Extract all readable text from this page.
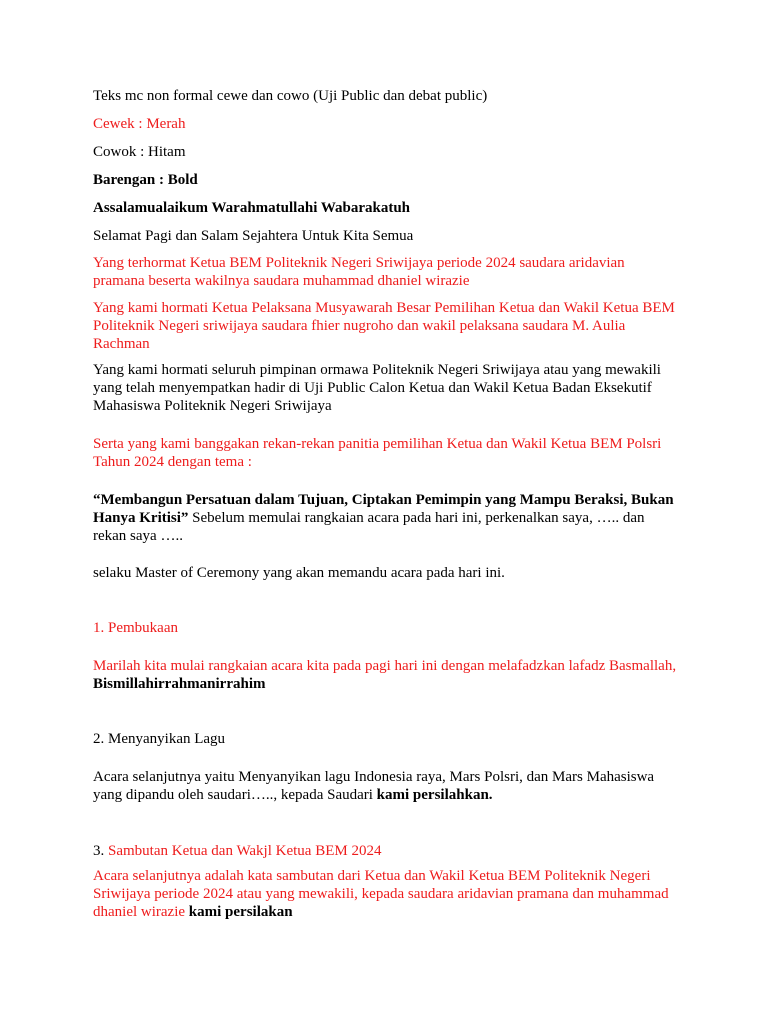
Teks mc non formal cewe dan cowo (Uji Public dan debat public)

Cewek : Merah

Cowok : Hitam

Barengan : Bold

Assalamualaikum Warahmatullahi Wabarakatuh

Selamat Pagi dan Salam Sejahtera Untuk Kita Semua

Yang terhormat Ketua BEM Politeknik Negeri Sriwijaya periode 2024 saudara aridavian pramana beserta wakilnya saudara muhammad dhaniel wirazie

Yang kami hormati Ketua Pelaksana Musyawarah Besar Pemilihan Ketua dan Wakil Ketua BEM Politeknik Negeri sriwijaya saudara fhier nugroho dan wakil pelaksana saudara M. Aulia Rachman

Yang kami hormati seluruh pimpinan ormawa Politeknik Negeri Sriwijaya atau yang mewakili yang telah menyempatkan hadir di Uji Public Calon Ketua dan Wakil Ketua Badan Eksekutif Mahasiswa Politeknik Negeri Sriwijaya

Serta yang kami banggakan rekan-rekan panitia pemilihan Ketua dan Wakil Ketua BEM Polsri Tahun 2024 dengan tema :

“Membangun Persatuan dalam Tujuan, Ciptakan Pemimpin yang Mampu Beraksi, Bukan Hanya Kritisi” Sebelum memulai rangkaian acara pada hari ini, perkenalkan saya, ….. dan rekan saya …..

selaku Master of Ceremony yang akan memandu acara pada hari ini.

1. Pembukaan

Marilah kita mulai rangkaian acara kita pada pagi hari ini dengan melafadzkan lafadz Basmallah, Bismillahirrahmanirrahim

2. Menyanyikan Lagu

Acara selanjutnya yaitu Menyanyikan lagu Indonesia raya, Mars Polsri, dan Mars Mahasiswa yang dipandu oleh saudari….., kepada Saudari kami persilahkan.

3. Sambutan Ketua dan Wakjl Ketua BEM 2024

Acara selanjutnya adalah kata sambutan dari Ketua dan Wakil Ketua BEM Politeknik Negeri Sriwijaya periode 2024 atau yang mewakili, kepada saudara aridavian pramana dan muhammad dhaniel wirazie kami persilakan
